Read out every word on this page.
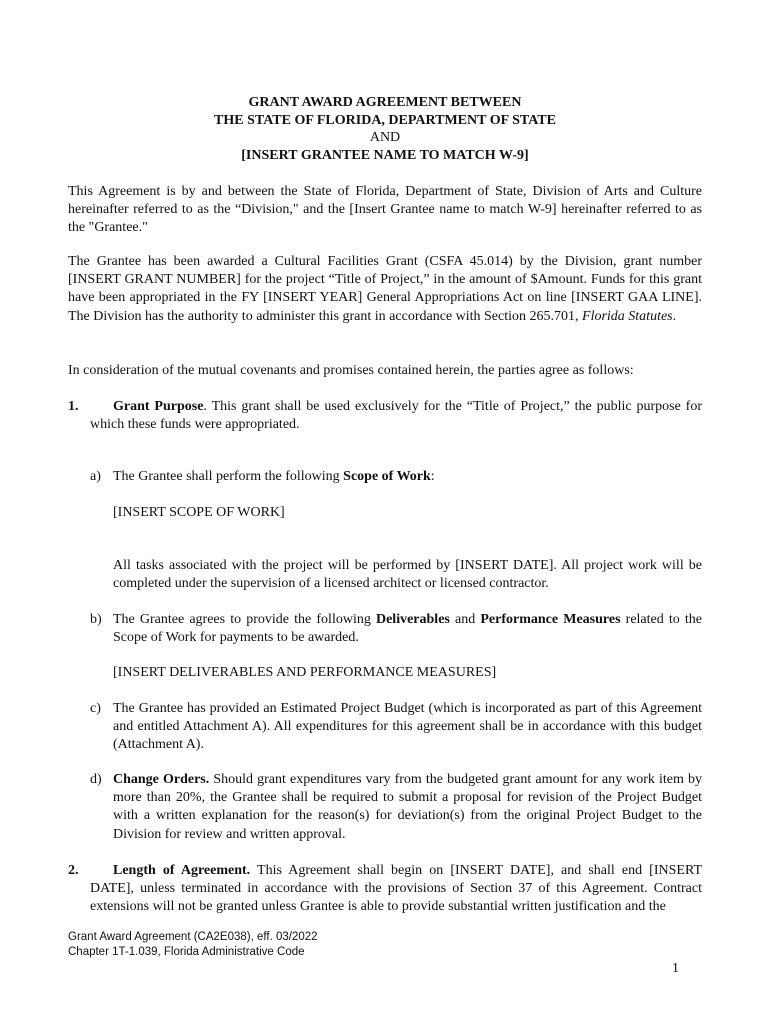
GRANT AWARD AGREEMENT BETWEEN
THE STATE OF FLORIDA, DEPARTMENT OF STATE
AND
[INSERT GRANTEE NAME TO MATCH W-9]

This Agreement is by and between the State of Florida, Department of State, Division of Arts and Culture hereinafter referred to as the “Division," and the [Insert Grantee name to match W-9] hereinafter referred to as the "Grantee."

The Grantee has been awarded a Cultural Facilities Grant (CSFA 45.014) by the Division, grant number [INSERT GRANT NUMBER] for the project “Title of Project,” in the amount of $Amount. Funds for this grant have been appropriated in the FY [INSERT YEAR] General Appropriations Act on line [INSERT GAA LINE]. The Division has the authority to administer this grant in accordance with Section 265.701, Florida Statutes.

In consideration of the mutual covenants and promises contained herein, the parties agree as follows:

1. Grant Purpose. This grant shall be used exclusively for the “Title of Project,” the public purpose for which these funds were appropriated.

a) The Grantee shall perform the following Scope of Work:

[INSERT SCOPE OF WORK]

All tasks associated with the project will be performed by [INSERT DATE]. All project work will be completed under the supervision of a licensed architect or licensed contractor.

b) The Grantee agrees to provide the following Deliverables and Performance Measures related to the Scope of Work for payments to be awarded.

[INSERT DELIVERABLES AND PERFORMANCE MEASURES]

c) The Grantee has provided an Estimated Project Budget (which is incorporated as part of this Agreement and entitled Attachment A). All expenditures for this agreement shall be in accordance with this budget (Attachment A).

d) Change Orders. Should grant expenditures vary from the budgeted grant amount for any work item by more than 20%, the Grantee shall be required to submit a proposal for revision of the Project Budget with a written explanation for the reason(s) for deviation(s) from the original Project Budget to the Division for review and written approval.

2. Length of Agreement. This Agreement shall begin on [INSERT DATE], and shall end [INSERT DATE], unless terminated in accordance with the provisions of Section 37 of this Agreement. Contract extensions will not be granted unless Grantee is able to provide substantial written justification and the

Grant Award Agreement (CA2E038), eff. 03/2022
Chapter 1T-1.039, Florida Administrative Code
1
